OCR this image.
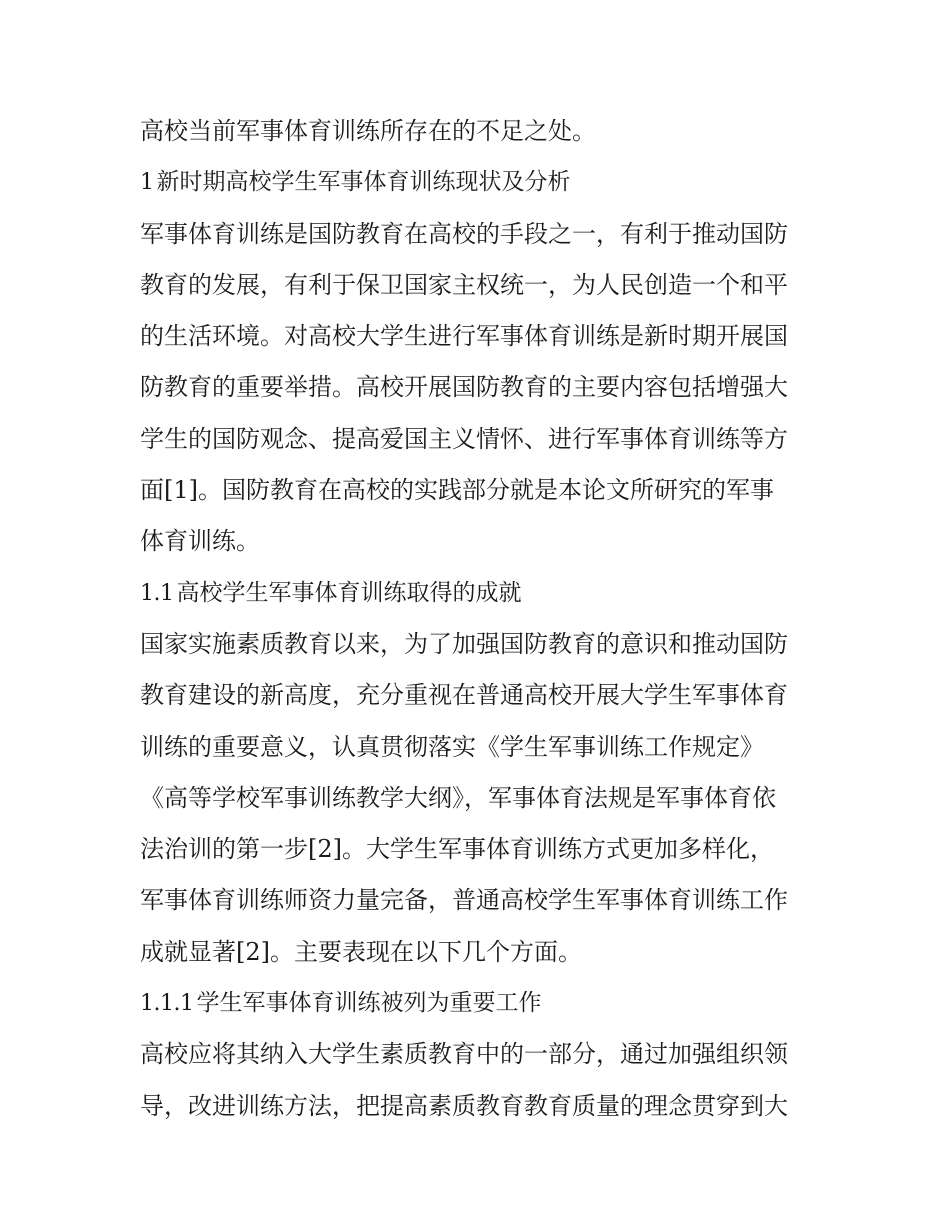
高校当前军事体育训练所存在的不足之处。
1 新时期高校学生军事体育训练现状及分析
军事体育训练是国防教育在高校的手段之一，有利于推动国防
教育的发展，有利于保卫国家主权统一，为人民创造一个和平
的生活环境。对高校大学生进行军事体育训练是新时期开展国
防教育的重要举措。高校开展国防教育的主要内容包括增强大
学生的国防观念、提高爱国主义情怀、进行军事体育训练等方
面[1]。国防教育在高校的实践部分就是本论文所研究的军事
体育训练。
1.1 高校学生军事体育训练取得的成就
国家实施素质教育以来，为了加强国防教育的意识和推动国防
教育建设的新高度，充分重视在普通高校开展大学生军事体育
训练的重要意义，认真贯彻落实《学生军事训练工作规定》
《高等学校军事训练教学大纲》，军事体育法规是军事体育依
法治训的第一步[2]。大学生军事体育训练方式更加多样化，
军事体育训练师资力量完备，普通高校学生军事体育训练工作
成就显著[2]。主要表现在以下几个方面。
1.1.1 学生军事体育训练被列为重要工作
高校应将其纳入大学生素质教育中的一部分，通过加强组织领
导，改进训练方法，把提高素质教育教育质量的理念贯穿到大
